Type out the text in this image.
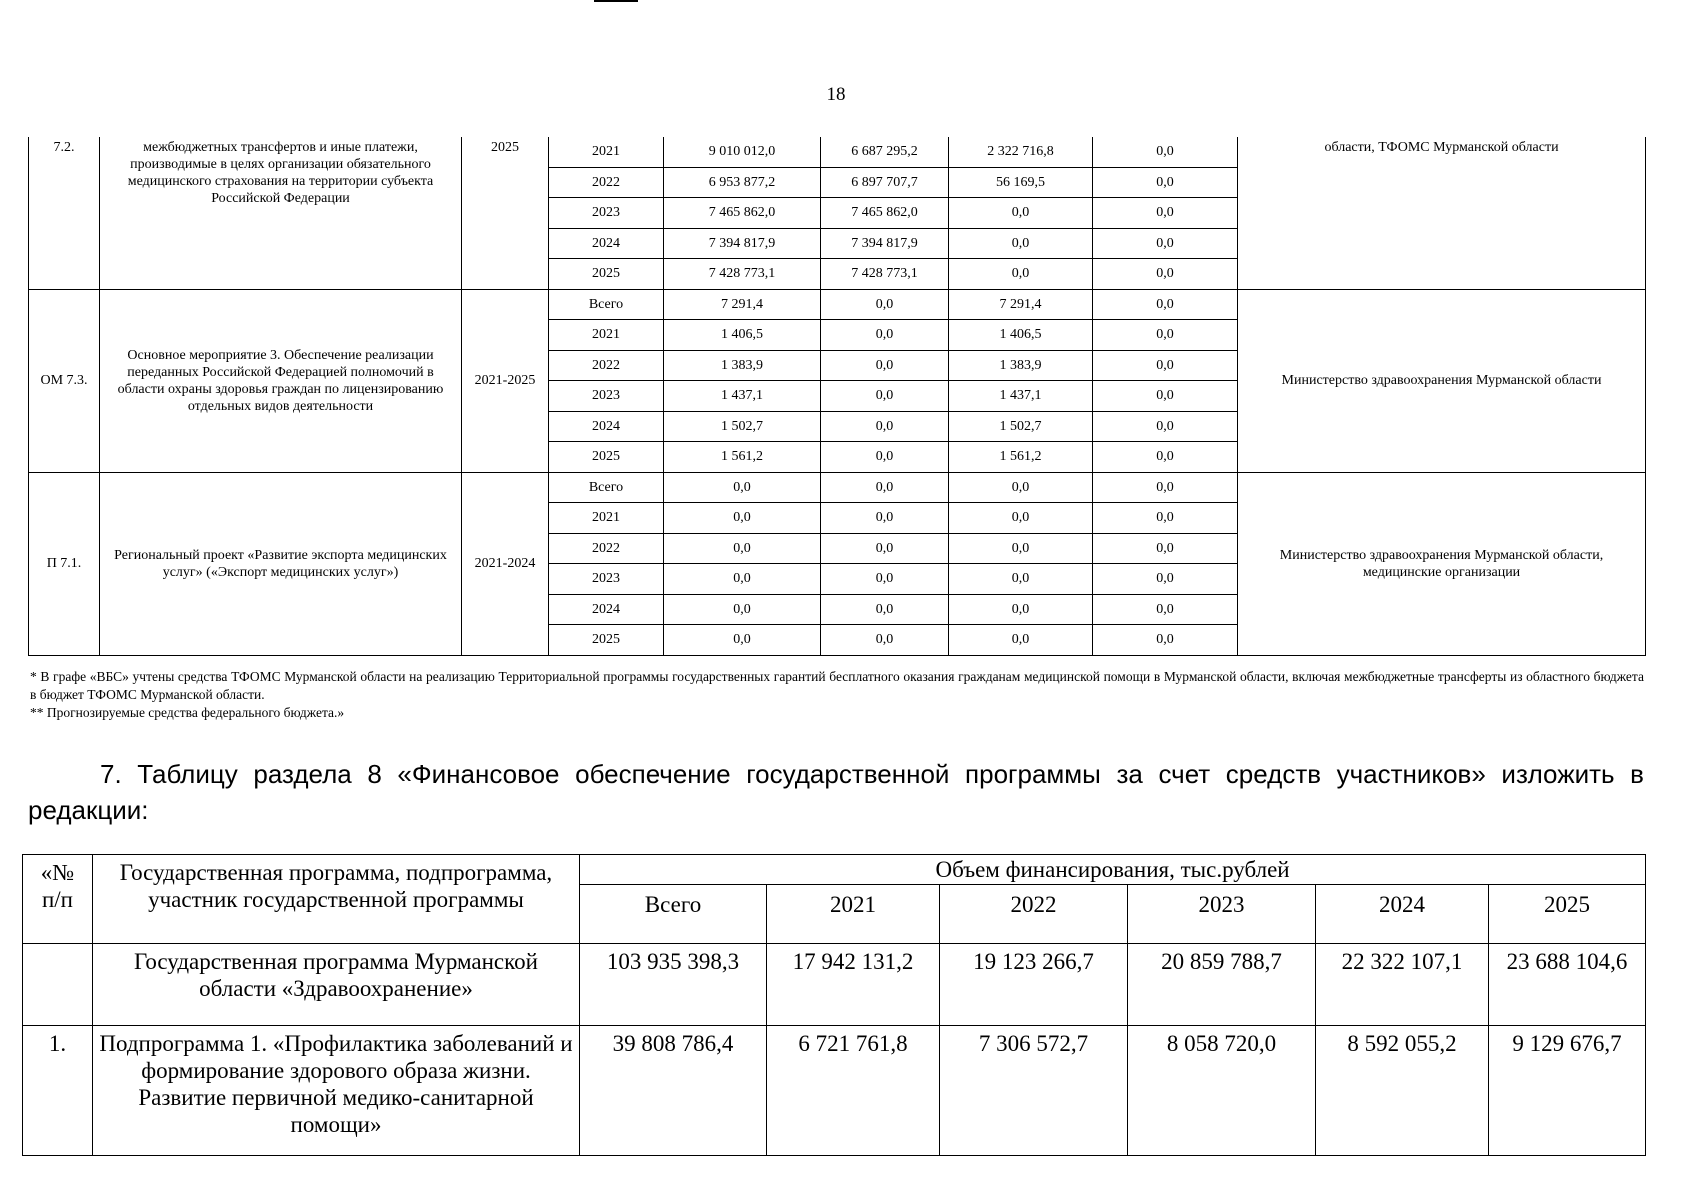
18
7.2.	межбюджетных трансфертов и иные платежи, производимые в целях организации обязательного медицинского страхования на территории субъекта Российской Федерации	2025	2021	9 010 012,0	6 687 295,2	2 322 716,8	0,0	области, ТФОМС Мурманской области
			2022	6 953 877,2	6 897 707,7	56 169,5	0,0	
			2023	7 465 862,0	7 465 862,0	0,0	0,0	
			2024	7 394 817,9	7 394 817,9	0,0	0,0	
			2025	7 428 773,1	7 428 773,1	0,0	0,0	
ОМ 7.3.	Основное мероприятие 3. Обеспечение реализации переданных Российской Федерацией полномочий в области охраны здоровья граждан по лицензированию отдельных видов деятельности	2021-2025	Всего	7 291,4	0,0	7 291,4	0,0	Министерство здравоохранения Мурманской области
			2021	1 406,5	0,0	1 406,5	0,0	
			2022	1 383,9	0,0	1 383,9	0,0	
			2023	1 437,1	0,0	1 437,1	0,0	
			2024	1 502,7	0,0	1 502,7	0,0	
			2025	1 561,2	0,0	1 561,2	0,0	
П 7.1.	Региональный проект «Развитие экспорта медицинских услуг» («Экспорт медицинских услуг»)	2021-2024	Всего	0,0	0,0	0,0	0,0	Министерство здравоохранения Мурманской области, медицинские организации
			2021	0,0	0,0	0,0	0,0	
			2022	0,0	0,0	0,0	0,0	
			2023	0,0	0,0	0,0	0,0	
			2024	0,0	0,0	0,0	0,0	
			2025	0,0	0,0	0,0	0,0	

* В графе «ВБС» учтены средства ТФОМС Мурманской области на реализацию Территориальной программы государственных гарантий бесплатного оказания гражданам медицинской помощи в Мурманской области, включая межбюджетные трансферты из областного бюджета в бюджет ТФОМС Мурманской области.

** Прогнозируемые средства федерального бюджета.»

7. Таблицу раздела 8 «Финансовое обеспечение государственной программы за счет средств участников» изложить в редакции:
«№ п/п	Государственная программа, подпрограмма, участник государственной программы	Объем финансирования, тыс.рублей					
		Всего	2021	2022	2023	2024	2025
	Государственная программа Мурманской области «Здравоохранение»	103 935 398,3	17 942 131,2	19 123 266,7	20 859 788,7	22 322 107,1	23 688 104,6
1.	Подпрограмма 1. «Профилактика заболеваний и формирование здорового образа жизни. Развитие первичной медико-санитарной помощи»	39 808 786,4	6 721 761,8	7 306 572,7	8 058 720,0	8 592 055,2	9 129 676,7
